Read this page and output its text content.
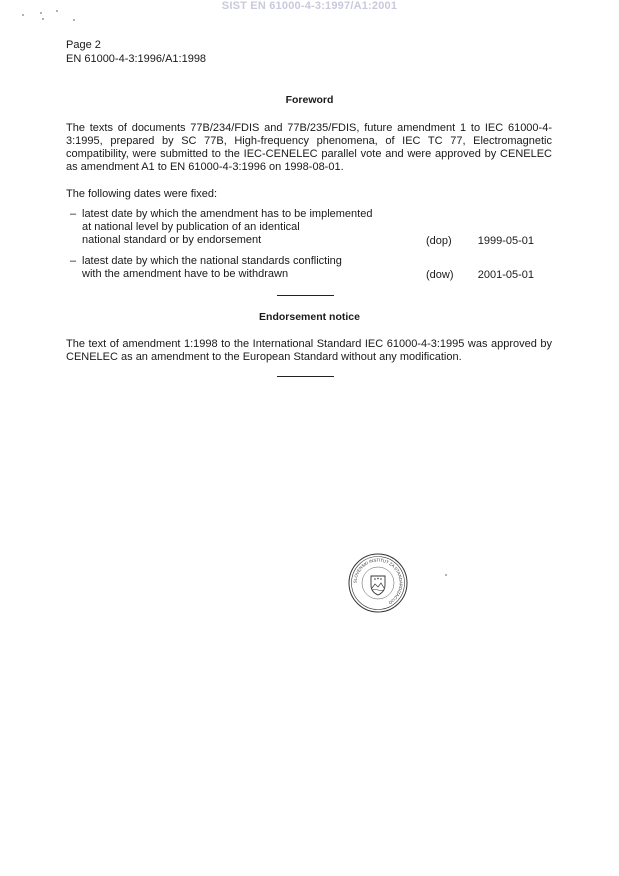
SIST EN 61000-4-3:1997/A1:2001
Page 2
EN 61000-4-3:1996/A1:1998
Foreword
The texts of documents 77B/234/FDIS and 77B/235/FDIS, future amendment 1 to IEC 61000-4-3:1995, prepared by SC 77B, High-frequency phenomena, of IEC TC 77, Electromagnetic compatibility, were submitted to the IEC-CENELEC parallel vote and were approved by CENELEC as amendment A1 to EN 61000-4-3:1996 on 1998-08-01.
The following dates were fixed:
– latest date by which the amendment has to be implemented
at national level by publication of an identical
national standard or by endorsement	(dop)	1999-05-01
– latest date by which the national standards conflicting
with the amendment have to be withdrawn	(dow)	2001-05-01
Endorsement notice
The text of amendment 1:1998 to the International Standard IEC 61000-4-3:1995 was approved by CENELEC as an amendment to the European Standard without any modification.
SLOVENSKI INSTITUT ZA STANDARDIZACIJO
